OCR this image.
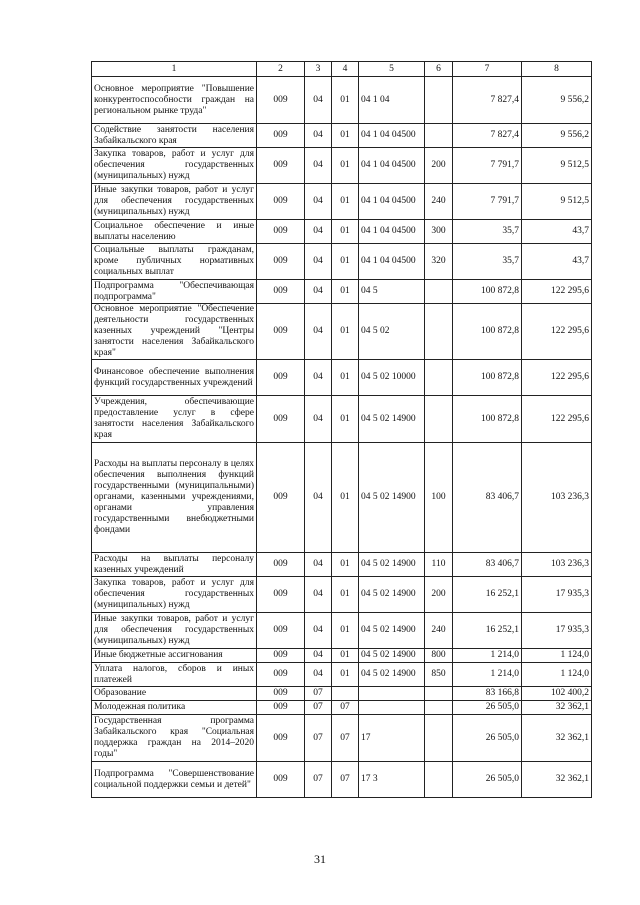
1	2	3	4	5	6	7	8
Основное мероприятие "Повышение конкурентоспособности граждан на региональном рынке труда"	009	04	01	04 1 04		7 827,4	9 556,2
Содействие занятости населения Забайкальского края	009	04	01	04 1 04 04500		7 827,4	9 556,2
Закупка товаров, работ и услуг для обеспечения государственных (муниципальных) нужд	009	04	01	04 1 04 04500	200	7 791,7	9 512,5
Иные закупки товаров, работ и услуг для обеспечения государственных (муниципальных) нужд	009	04	01	04 1 04 04500	240	7 791,7	9 512,5
Социальное обеспечение и иные выплаты населению	009	04	01	04 1 04 04500	300	35,7	43,7
Социальные выплаты гражданам, кроме публичных нормативных социальных выплат	009	04	01	04 1 04 04500	320	35,7	43,7
Подпрограмма "Обеспечивающая подпрограмма"	009	04	01	04 5		100 872,8	122 295,6
Основное мероприятие "Обеспечение деятельности государственных казенных учреждений "Центры занятости населения Забайкальского края"	009	04	01	04 5 02		100 872,8	122 295,6
Финансовое обеспечение выполнения функций государственных учреждений	009	04	01	04 5 02 10000		100 872,8	122 295,6
Учреждения, обеспечивающие предоставление услуг в сфере занятости населения Забайкальского края	009	04	01	04 5 02 14900		100 872,8	122 295,6
Расходы на выплаты персоналу в целях обеспечения выполнения функций государственными (муниципальными) органами, казенными учреждениями, органами управления государственными внебюджетными фондами	009	04	01	04 5 02 14900	100	83 406,7	103 236,3
Расходы на выплаты персоналу казенных учреждений	009	04	01	04 5 02 14900	110	83 406,7	103 236,3
Закупка товаров, работ и услуг для обеспечения государственных (муниципальных) нужд	009	04	01	04 5 02 14900	200	16 252,1	17 935,3
Иные закупки товаров, работ и услуг для обеспечения государственных (муниципальных) нужд	009	04	01	04 5 02 14900	240	16 252,1	17 935,3
Иные бюджетные ассигнования	009	04	01	04 5 02 14900	800	1 214,0	1 124,0
Уплата налогов, сборов и иных платежей	009	04	01	04 5 02 14900	850	1 214,0	1 124,0
Образование	009	07				83 166,8	102 400,2
Молодежная политика	009	07	07			26 505,0	32 362,1
Государственная программа Забайкальского края "Социальная поддержка граждан на 2014–2020 годы"	009	07	07	17		26 505,0	32 362,1
Подпрограмма "Совершенствование социальной поддержки семьи и детей"	009	07	07	17 3		26 505,0	32 362,1
31
